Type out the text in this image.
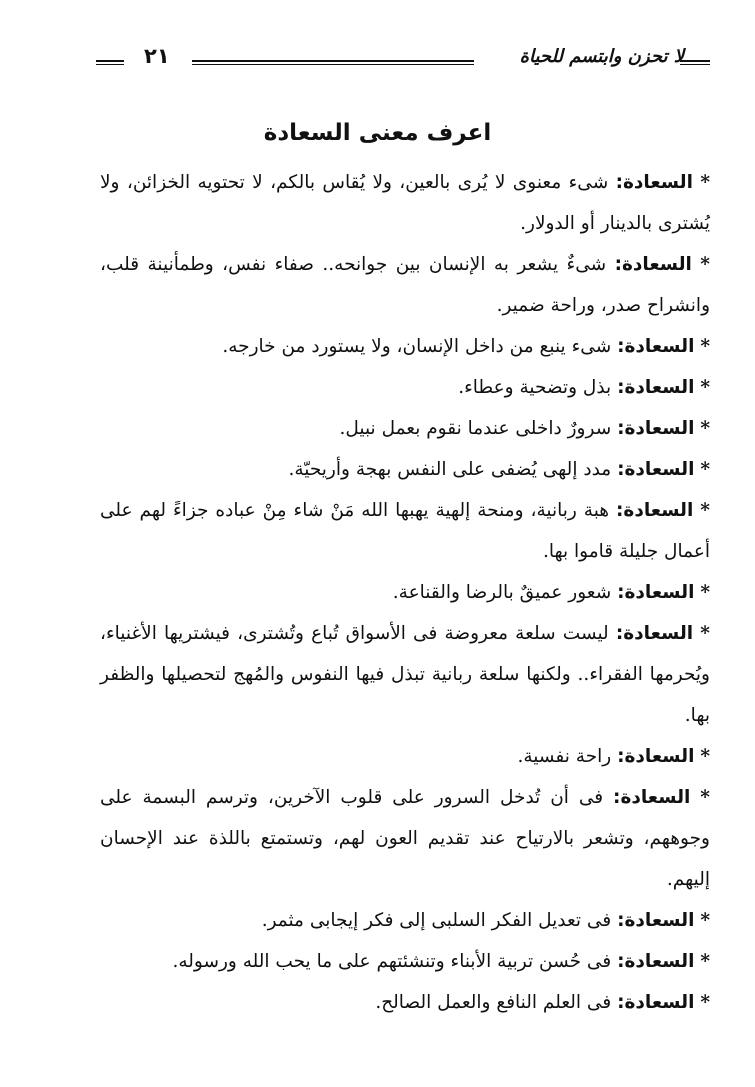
لا تحزن وابتسم للحياة
٢١
اعرف معنى السعادة

* السعادة: شىء معنوى لا يُرى بالعين، ولا يُقاس بالكم، لا تحتويه الخزائن، ولا يُشترى بالدينار أو الدولار.

* السعادة: شىءٌ يشعر به الإنسان بين جوانحه.. صفاء نفس، وطمأنينة قلب، وانشراح صدر، وراحة ضمير.

* السعادة: شىء ينبع من داخل الإنسان، ولا يستورد من خارجه.

* السعادة: بذل وتضحية وعطاء.

* السعادة: سرورٌ داخلى عندما نقوم بعمل نبيل.

* السعادة: مدد إلهى يُضفى على النفس بهجة وأريحيّة.

* السعادة: هبة ربانية، ومنحة إلهية يهبها الله مَنْ شاء مِنْ عباده جزاءً لهم على أعمال جليلة قاموا بها.

* السعادة: شعور عميقٌ بالرضا والقناعة.

* السعادة: ليست سلعة معروضة فى الأسواق تُباع وتُشترى، فيشتريها الأغنياء، ويُحرمها الفقراء.. ولكنها سلعة ربانية تبذل فيها النفوس والمُهج لتحصيلها والظفر بها.

* السعادة: راحة نفسية.

* السعادة: فى أن تُدخل السرور على قلوب الآخرين، وترسم البسمة على وجوههم، وتشعر بالارتياح عند تقديم العون لهم، وتستمتع باللذة عند الإحسان إليهم.

* السعادة: فى تعديل الفكر السلبى إلى فكر إيجابى مثمر.

* السعادة: فى حُسن تربية الأبناء وتنشئتهم على ما يحب الله ورسوله.

* السعادة: فى العلم النافع والعمل الصالح.
